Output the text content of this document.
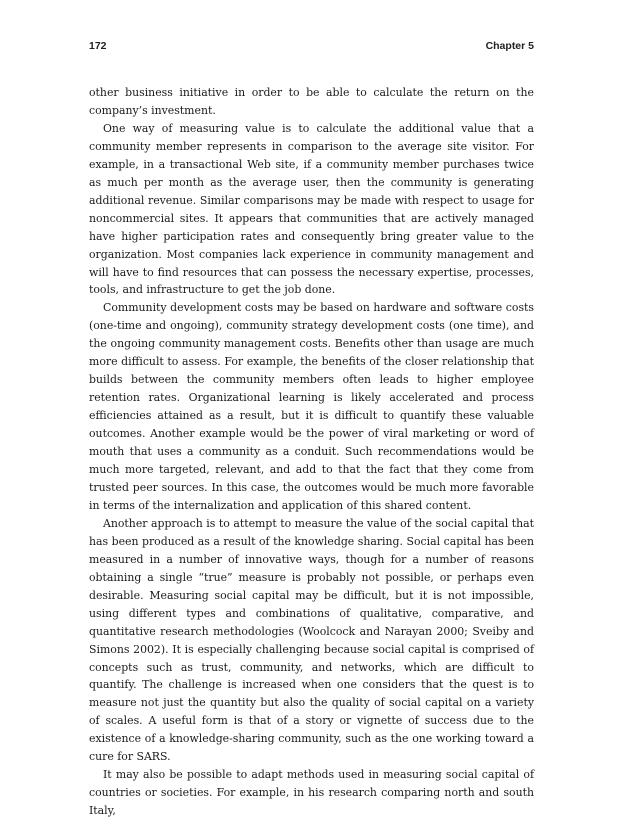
172	Chapter 5

other business initiative in order to be able to calculate the return on the company’s investment.

One way of measuring value is to calculate the additional value that a community member represents in comparison to the average site visitor. For example, in a transactional Web site, if a community member purchases twice as much per month as the average user, then the community is generating additional revenue. Similar comparisons may be made with respect to usage for noncommercial sites. It appears that communities that are actively managed have higher participation rates and consequently bring greater value to the organization. Most companies lack experience in community management and will have to find resources that can possess the necessary expertise, processes, tools, and infrastructure to get the job done.

Community development costs may be based on hardware and software costs (one-time and ongoing), community strategy development costs (one time), and the ongoing community management costs. Benefits other than usage are much more difficult to assess. For example, the benefits of the closer relationship that builds between the community members often leads to higher employee retention rates. Organizational learning is likely accelerated and process efficiencies attained as a result, but it is difficult to quantify these valuable outcomes. Another example would be the power of viral marketing or word of mouth that uses a community as a conduit. Such recommendations would be much more targeted, relevant, and add to that the fact that they come from trusted peer sources. In this case, the outcomes would be much more favorable in terms of the internalization and application of this shared content.

Another approach is to attempt to measure the value of the social capital that has been produced as a result of the knowledge sharing. Social capital has been measured in a number of innovative ways, though for a number of reasons obtaining a single “true” measure is probably not possible, or perhaps even desirable. Measuring social capital may be difficult, but it is not impossible, using different types and combinations of qualitative, comparative, and quantitative research methodologies (Woolcock and Narayan 2000; Sveiby and Simons 2002). It is especially challenging because social capital is comprised of concepts such as trust, community, and networks, which are difficult to quantify. The challenge is increased when one considers that the quest is to measure not just the quantity but also the quality of social capital on a variety of scales. A useful form is that of a story or vignette of success due to the existence of a knowledge-sharing community, such as the one working toward a cure for SARS.

It may also be possible to adapt methods used in measuring social capital of countries or societies. For example, in his research comparing north and south Italy,
